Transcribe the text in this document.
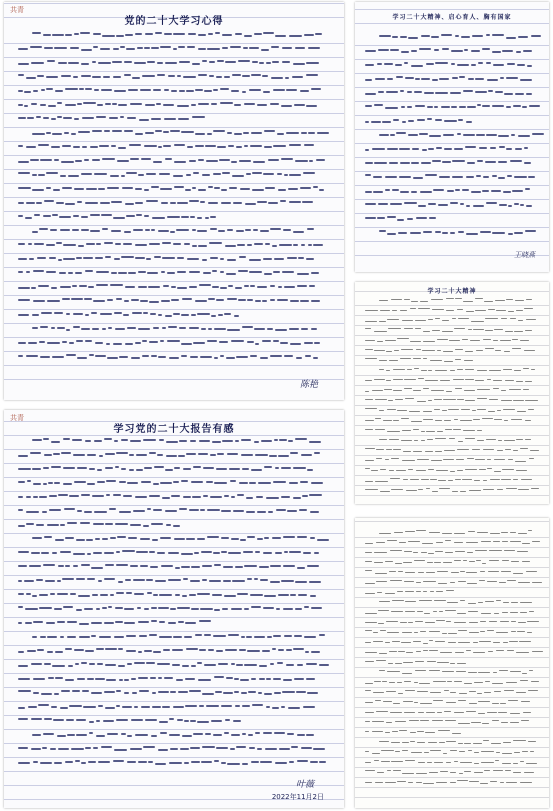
共青
党的二十大学习心得
陈艳
学习二十大精神、启心育人、胸有国家
王晓燕
学习二十大精神
共青
学习党的二十大报告有感
叶薇
2022年11月2日
